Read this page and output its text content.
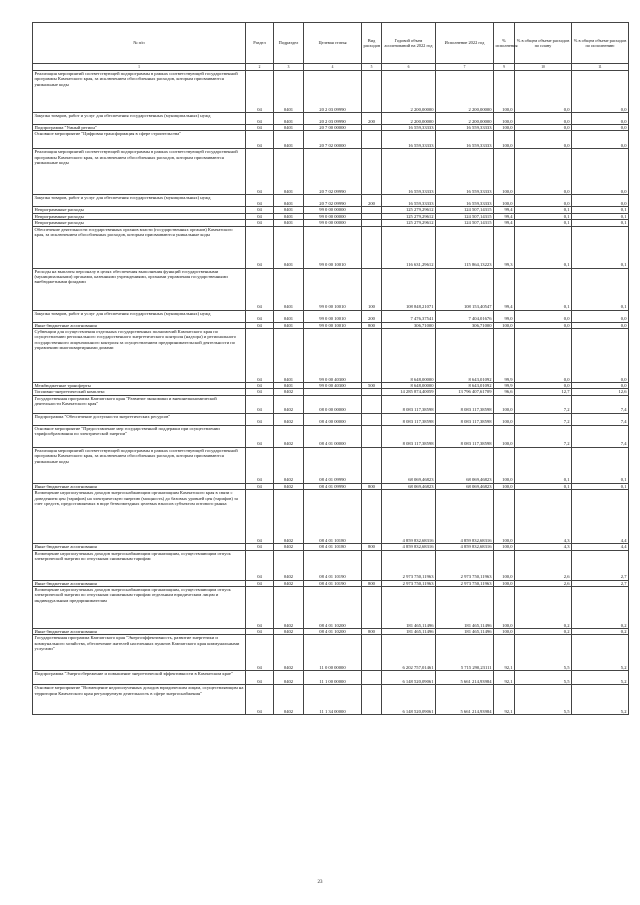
№ п/п	Раздел	Подраздел	Целевая статья	Вид расходов	Годовой объем ассигнований на 2022 год	Исполнение 2022 год	% исполнения	% в общем объеме расходов по плану	% в общем объеме расходов по исполнению
1	2	3	4	5	6	7	9	10	11
Реализация мероприятий соответствующей подпрограммы в рамках соответствующей государственной программы Камчатского края, за исключением обособленных расходов, которым присваиваются уникальные коды	04	0401	20 2 03 09990		2 200,00000	2 200,00000	100,0	0,0	0,0
Закупка товаров, работ и услуг для обеспечения государственных (муниципальных) нужд	04	0401	20 2 03 09990	200	2 200,00000	2 200,00000	100,0	0,0	0,0
Подпрограмма "Умный регион"	04	0401	20 7 00 00000		16 559,33333	16 559,33333	100,0	0,0	0,0
Основное мероприятие "Цифровая трансформация в сфере строительства"	04	0401	20 7 02 00000		16 559,33333	16 559,33333	100,0	0,0	0,0
Реализация мероприятий соответствующей подпрограммы в рамках соответствующей государственной программы Камчатского края, за исключением обособленных расходов, которым присваиваются уникальные коды	04	0401	20 7 02 09990		16 559,33333	16 559,33333	100,0	0,0	0,0
Закупка товаров, работ и услуг для обеспечения государственных (муниципальных) нужд	04	0401	20 7 02 09990	200	16 559,33333	16 559,33333	100,0	0,0	0,0
Непрограммные расходы	04	0401	99 0 00 00000		125 279,29612	124 507,14315	99,4	0,1	0,1
Непрограммные расходы	04	0401	99 0 00 00000		125 279,29612	124 507,14315	99,4	0,1	0,1
Непрограммные расходы	04	0401	99 0 00 00000		125 279,29612	124 507,14315	99,4	0,1	0,1
Обеспечение деятельности государственных органов власти (государственных органов) Камчатского края, за исключением обособленных расходов, которым присваиваются уникальные коды	04	0401	99 0 00 10010		116 631,29612	115 864,13223	99,3	0,1	0,1
Расходы на выплаты персоналу в целях обеспечения выполнения функций государственными (муниципальными) органами, казенными учреждениями, органами управления государственными внебюджетными фондами	04	0401	99 0 00 10010	100	108 848,21071	108 153,40547	99,4	0,1	0,1
Закупка товаров, работ и услуг для обеспечения государственных (муниципальных) нужд	04	0401	99 0 00 10010	200	7 476,37541	7 404,01676	99,0	0,0	0,0
Иные бюджетные ассигнования	04	0401	99 0 00 10010	800	306,71000	306,71000	100,0	0,0	0,0
Субвенции для осуществления отдельных государственных полномочий Камчатского края по осуществлению регионального государственного энергетического контроля (надзора) и регионального государственного лицензионного контроля за осуществлением предпринимательской деятельности по управлению многоквартирными домами	04	0401	99 0 00 40300		8 648,00000	8 643,01092	99,9	0,0	0,0
Межбюджетные трансферты	04	0401	99 0 00 40300	500	8 648,00000	8 643,01092	99,9	0,0	0,0
Топливно-энергетический комплекс	04	0402			14 285 874,40059	13 796 407,61709	96,6	12,7	12,6
Государственная программа Камчатского края "Развитие экономики и внешнеэкономической деятельности Камчатского края"	04	0402	08 0 00 00000		8 083 117,38598	8 083 117,38598	100,0	7,2	7,4
Подпрограмма "Обеспечение доступности энергетических ресурсов"	04	0402	08 4 00 00000		8 083 117,38598	8 083 117,38598	100,0	7,2	7,4
Основное мероприятие "Предоставление мер государственной поддержки при осуществлении тарифообразования по электрической энергии"	04	0402	08 4 01 00000		8 083 117,38598	8 083 117,38598	100,0	7,2	7,4
Реализация мероприятий соответствующей подпрограммы в рамках соответствующей государственной программы Камчатского края, за исключением обособленных расходов, которым присваиваются уникальные коды	04	0402	08 4 01 09990		68 069,46823	68 069,46823	100,0	0,1	0,1
Иные бюджетные ассигнования	04	0402	08 4 01 09990	800	68 069,46823	68 069,46823	100,0	0,1	0,1
Возмещение недополученных доходов энергоснабжающим организациям Камчатского края в связи с доведением цен (тарифов) на электрическую энергию (мощность) до базовых уровней цен (тарифов) за счет средств, предоставляемых в виде безвозмездных целевых взносов субъектом оптового рынка	04	0402	08 4 01 10180		4 859 832,68316	4 859 832,68316	100,0	4,3	4,4
Иные бюджетные ассигнования	04	0402	08 4 01 10180	800	4 859 832,68316	4 859 832,68316	100,0	4,3	4,4
Возмещение недополученных доходов энергоснабжающим организациям, осуществляющим отпуск электрической энергии по отпускным сниженным тарифам	04	0402	08 4 01 10190		2 973 750,11963	2 973 750,11963	100,0	2,6	2,7
Иные бюджетные ассигнования	04	0402	08 4 01 10190	800	2 973 750,11963	2 973 750,11963	100,0	2,6	2,7
Возмещение недополученных доходов энергоснабжающим организациям, осуществляющим отпуск электрической энергии по отпускным сниженным тарифам отдельным юридическим лицам и индивидуальным предпринимателям	04	0402	08 4 01 10200		181 465,11496	181 465,11496	100,0	0,2	0,2
Иные бюджетные ассигнования	04	0402	08 4 01 10200	800	181 465,11496	181 465,11496	100,0	0,2	0,2
Государственная программа Камчатского края "Энергоэффективность, развитие энергетики и коммунального хозяйства, обеспечение жителей населенных пунктов Камчатского края коммунальными услугами"	04	0402	11 0 00 00000		6 202 757,01461	5 715 290,23111	92,1	5,5	5,2
Подпрограмма "Энергосбережение и повышение энергетической эффективности в Камчатском крае"	04	0402	11 1 00 00000		6 148 520,09061	5 661 214,93984	92,1	5,5	5,2
Основное мероприятие "Возмещение недополученных доходов юридическим лицам, осуществляющим на территории Камчатского края регулируемую деятельность в сфере энергоснабжения"	04	0402	11 1 34 00000		6 148 520,09061	5 661 214,93984	92,1	5,5	5,2
23
